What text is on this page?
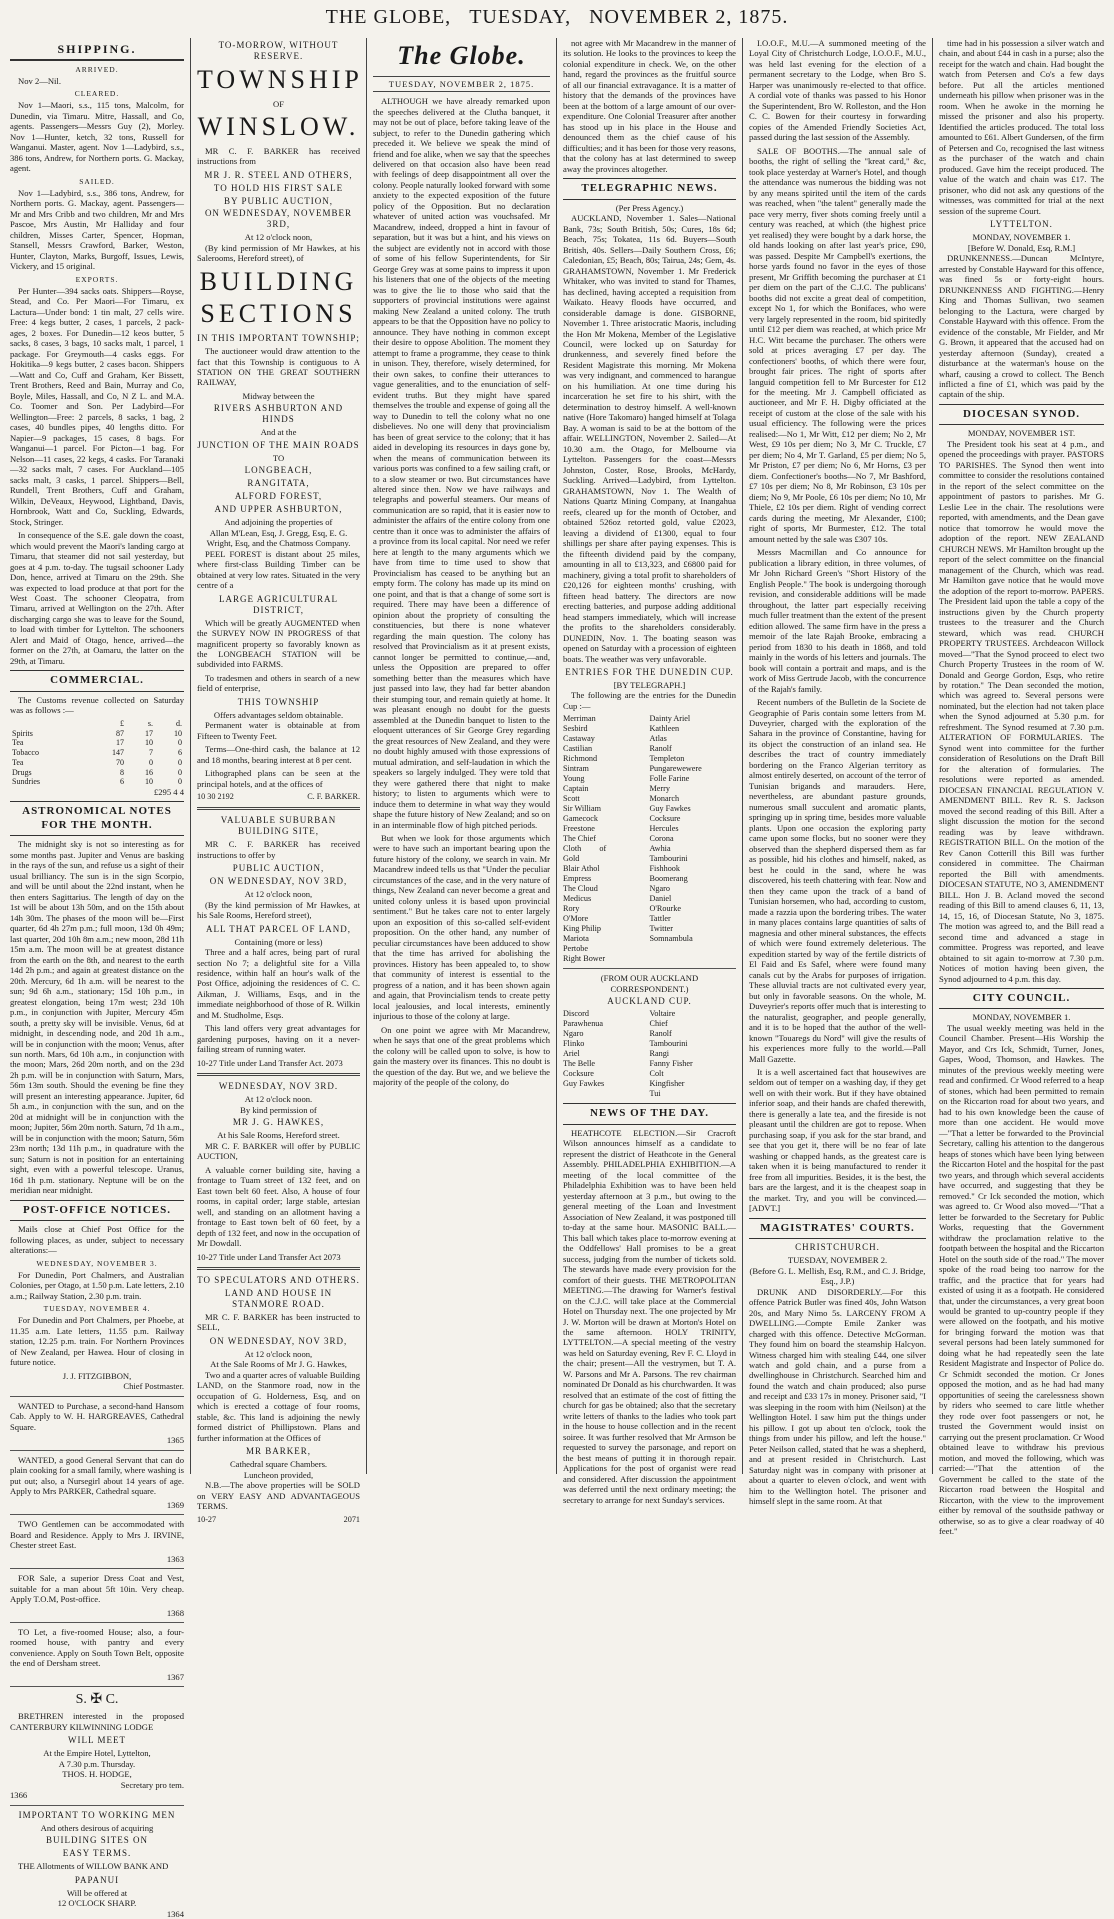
THE GLOBE, TUESDAY, NOVEMBER 2, 1875.
SHIPPING.
ARRIVED.

Nov 2—Nil.

CLEARED.

Nov 1—Maori, s.s., 115 tons, Malcolm, for Dunedin, via Timaru. Mitre, Hassall, and Co, agents. Passengers—Messrs Guy (2), Morley. Nov 1—Hunter, ketch, 32 tons, Russell for Wanganui. Master, agent. Nov 1—Ladybird, s.s., 386 tons, Andrew, for Northern ports. G. Mackay, agent.

SAILED.

Nov 1—Ladybird, s.s., 386 tons, Andrew, for Northern ports. G. Mackay, agent. Passengers—Mr and Mrs Cribb and two children, Mr and Mrs Pascoe, Mrs Austin, Mr Halliday and four children, Misses Carter, Spencer, Hopman, Stansell, Messrs Crawford, Barker, Weston, Hunter, Clayton, Marks, Burgoff, Issues, Lewis, Vickery, and 15 original.

EXPORTS.

Per Hunter—394 sacks oats. Shippers—Royse, Stead, and Co. Per Maori—For Timaru, ex Lactura—Under bond: 1 tin malt, 27 cells wire. Free: 4 kegs butter, 2 cases, 1 parcels, 2 pack-ages, 2 boxes. For Dunedin—12 keos butter, 5 sacks, 8 cases, 3 bags, 10 sacks malt, 1 parcel, 1 package. For Greymouth—4 casks eggs. For Hokitika—9 kegs butter, 2 cases bacon. Shippers—Watt and Co, Cuff and Graham, Ker Bissett, Trent Brothers, Reed and Bain, Murray and Co, Boyle, Miles, Hassall, and Co, N Z L. and M.A. Co. Toomer and Son. Per Ladybird—For Wellington—Free: 2 parcels, 8 sacks, 1 bag, 2 cases, 40 bundles pipes, 40 lengths ditto. For Napier—9 packages, 15 cases, 8 bags. For Wanganui—1 parcel. For Picton—1 bag. For Nelson—11 cases, 22 kegs, 4 casks. For Taranaki—32 sacks malt, 7 cases. For Auckland—105 sacks malt, 3 casks, 1 parcel. Shippers—Bell, Rundell, Trent Brothers, Cuff and Graham, Wilkin, DeVeaux, Heywood, Lightband, Davis, Hornbrook, Watt and Co, Suckling, Edwards, Stock, Stringer.

In consequence of the S.E. gale down the coast, which would prevent the Maori's landing cargo at Timaru, that steamer did not sail yesterday, but goes at 4 p.m. to-day. The tugsail schooner Lady Don, hence, arrived at Timaru on the 29th. She was expected to load produce at that port for the West Coast. The schooner Cleopatra, from Timaru, arrived at Wellington on the 27th. After discharging cargo she was to leave for the Sound, to load with timber for Lyttelton. The schooners Alert and Maid of Otago, hence, arrived—the former on the 27th, at Oamaru, the latter on the 29th, at Timaru.

COMMERCIAL.

The Customs revenue collected on Saturday was as follows :—

	£	s.	d.
Spirits	87	17	10
Tea	17	10	0
Tobacco	147	7	6
Tea	70	0	0
Drugs	8	16	0
Sundries	6	10	0
£295 4 4
ASTRONOMICAL NOTES FOR THE MONTH.

The midnight sky is not so interesting as for some months past. Jupiter and Venus are basking in the rays of the sun, and refuse us a sight of their usual brilliancy. The sun is in the sign Scorpio, and will be until about the 22nd instant, when he then enters Sagittarius. The length of day on the 1st will be about 13h 50m, and on the 15th about 14h 30m. The phases of the moon will be—First quarter, 6d 4h 27m p.m.; full moon, 13d 0h 49m; last quarter, 20d 10h 8m a.m.; new moon, 28d 11h 15m a.m. The moon will be at greatest distance from the earth on the 8th, and nearest to the earth 14d 2h p.m.; and again at greatest distance on the 20th. Mercury, 6d 1h a.m. will be nearest to the sun; 9d 6h a.m., stationary; 15d 10h p.m., in greatest elongation, being 17m west; 23d 10h p.m., in conjunction with Jupiter, Mercury 45m south, a pretty sky will be invisible. Venus, 6d at midnight, in descending node, and 20d 1h a.m., will be in conjunction with the moon; Venus, after sun north. Mars, 6d 10h a.m., in conjunction with the moon; Mars, 26d 20m north, and on the 23d 2h p.m. will be in conjunction with Saturn, Mars, 56m 13m south. Should the evening be fine they will present an interesting appearance. Jupiter, 6d 5h a.m., in conjunction with the sun, and on the 20d at midnight will be in conjunction with the moon; Jupiter, 56m 20m north. Saturn, 7d 1h a.m., will be in conjunction with the moon; Saturn, 56m 23m north; 13d 11h p.m., in quadrature with the sun; Saturn is not in position for an entertaining sight, even with a powerful telescope. Uranus, 16d 1h p.m. stationary. Neptune will be on the meridian near midnight.

POST-OFFICE NOTICES.

Mails close at Chief Post Office for the following places, as under, subject to necessary alterations:—

WEDNESDAY, NOVEMBER 3.

For Dunedin, Port Chalmers, and Australian Colonies, per Otago, at 1.50 p.m. Late letters, 2.10 a.m.; Railway Station, 2.30 p.m. train.

TUESDAY, NOVEMBER 4.

For Dunedin and Port Chalmers, per Phoebe, at 11.35 a.m. Late letters, 11.55 p.m. Railway station, 12.25 p.m. train. For Northern Provinces of New Zealand, per Hawea. Hour of closing in future notice.

J. J. FITZGIBBON,
Chief Postmaster.

WANTED to Purchase, a second-hand Hansom Cab. Apply to W. H. HARGREAVES, Cathedral Square.

1365

WANTED, a good General Servant that can do plain cooking for a small family, where washing is put out; also, a Nursegirl about 14 years of age. Apply to Mrs PARKER, Cathedral square.

1369

TWO Gentlemen can be accommodated with Board and Residence. Apply to Mrs J. IRVINE, Chester street East.

1363

FOR Sale, a superior Dress Coat and Vest, suitable for a man about 5ft 10in. Very cheap. Apply T.O.M, Post-office.

1368

TO Let, a five-roomed House; also, a four-roomed house, with pantry and every convenience. Apply on South Town Belt, opposite the end of Dersham street.

1367
S. ✠ C.

BRETHREN interested in the proposed CANTERBURY KILWINNING LODGE

WILL MEET
At the Empire Hotel, Lyttelton,
A 7.30 p.m. Thursday.
THOS. H. HODGE,
Secretary pro tem.
1366
IMPORTANT TO WORKING MEN
And others desirous of acquiring
BUILDING SITES ON
EASY TERMS.

THE Allotments of WILLOW BANK AND

PAPANUI
Will be offered at
12 O'CLOCK SHARP.
1364
TO-MORROW, WITHOUT RESERVE.
TOWNSHIP
OF
WINSLOW.

MR C. F. BARKER has received instructions from

MR J. R. STEEL AND OTHERS,
TO HOLD HIS FIRST SALE
BY PUBLIC AUCTION,
ON WEDNESDAY, NOVEMBER 3RD,
At 12 o'clock noon,

(By kind permission of Mr Hawkes, at his Salerooms, Hereford street), of

BUILDING
SECTIONS
IN THIS IMPORTANT TOWNSHIP;

The auctioneer would draw attention to the fact that this Township is contiguous to A STATION ON THE GREAT SOUTHERN RAILWAY,

Midway between the
RIVERS ASHBURTON AND HINDS
And at the
JUNCTION OF THE MAIN ROADS
TO
LONGBEACH,
RANGITATA,
ALFORD FOREST,
AND UPPER ASHBURTON,
And adjoining the properties of
Allan M'Lean, Esq, J. Gregg, Esq, E. G. Wright, Esq, and the Chatmoss Company.

PEEL FOREST is distant about 25 miles, where first-class Building Timber can be obtained at very low rates. Situated in the very centre of a

LARGE AGRICULTURAL DISTRICT,

Which will be greatly AUGMENTED when the SURVEY NOW IN PROGRESS of that magnificent property so favorably known as the LONGBEACH STATION will be subdivided into FARMS.

To tradesmen and others in search of a new field of enterprise,

THIS TOWNSHIP
Offers advantages seldom obtainable.

Permanent water is obtainable at from Fifteen to Twenty Feet.

Terms—One-third cash, the balance at 12 and 18 months, bearing interest at 8 per cent.

Lithographed plans can be seen at the principal hotels, and at the offices of

10 30 2192	C. F. BARKER.
VALUABLE SUBURBAN BUILDING SITE,

MR C. F. BARKER has received instructions to offer by

PUBLIC AUCTION,
ON WEDNESDAY, NOV 3RD,
At 12 o'clock noon,

(By the kind permission of Mr Hawkes, at his Sale Rooms, Hereford street),

ALL THAT PARCEL OF LAND,
Containing (more or less)

Three and a half acres, being part of rural section No 7; a delightful site for a Villa residence, within half an hour's walk of the Post Office, adjoining the residences of C. C. Aikman, J. Williams, Esqs, and in the immediate neighborhood of those of R. Wilkin and M. Studholme, Esqs.

This land offers very great advantages for gardening purposes, having on it a never-failing stream of running water.

10-27 Title under Land Transfer Act. 2073
WEDNESDAY, NOV 3RD.
At 12 o'clock noon.
By kind permission of
MR J. G. HAWKES,
At his Sale Rooms, Hereford street.

MR C. F. BARKER will offer by PUBLIC AUCTION,

A valuable corner building site, having a frontage to Tuam street of 132 feet, and on East town belt 60 feet. Also, A house of four rooms, in capital order; large stable, artesian well, and standing on an allotment having a frontage to East town belt of 60 feet, by a depth of 132 feet, and now in the occupation of Mr Dowdall.

10-27 Title under Land Transfer Act 2073
TO SPECULATORS AND OTHERS.
LAND AND HOUSE IN STANMORE ROAD.

MR C. F. BARKER has been instructed to SELL,

ON WEDNESDAY, NOV 3RD,
At 12 o'clock noon,
At the Sale Rooms of Mr J. G. Hawkes,

Two and a quarter acres of valuable Building LAND, on the Stanmore road, now in the occupation of G. Holderness, Esq, and on which is erected a cottage of four rooms, stable, &c. This land is adjoining the newly formed district of Phillipstown. Plans and further information at the Offices of

MR BARKER,
Cathedral square Chambers.
Luncheon provided,

N.B.—The above properties will be SOLD on VERY EASY AND ADVANTAGEOUS TERMS.

10-27	2071
The Globe.
TUESDAY, NOVEMBER 2, 1875.

ALTHOUGH we have already remarked upon the speeches delivered at the Clutha banquet, it may not be out of place, before taking leave of the subject, to refer to the Dunedin gathering which preceded it. We believe we speak the mind of friend and foe alike, when we say that the speeches delivered on that occasion also have been read with feelings of deep disappointment all over the colony. People naturally looked forward with some anxiety to the expected exposition of the future policy of the Opposition. But no declaration whatever of united action was vouchsafed. Mr Macandrew, indeed, dropped a hint in favour of separation, but it was but a hint, and his views on the subject are evidently not in accord with those of some of his fellow Superintendents, for Sir George Grey was at some pains to impress it upon his listeners that one of the objects of the meeting was to give the lie to those who said that the supporters of provincial institutions were against making New Zealand a united colony. The truth appears to be that the Opposition have no policy to announce. They have nothing in common except their desire to oppose Abolition. The moment they attempt to frame a programme, they cease to think in unison. They, therefore, wisely determined, for their own sakes, to confine their utterances to vague generalities, and to the enunciation of self-evident truths. But they might have spared themselves the trouble and expense of going all the way to Dunedin to tell the colony what no one disbelieves. No one will deny that provincialism has been of great service to the colony; that it has aided in developing its resources in days gone by, when the means of communication between its various ports was confined to a few sailing craft, or to a slow steamer or two. But circumstances have altered since then. Now we have railways and telegraphs and powerful steamers. Our means of communication are so rapid, that it is easier now to administer the affairs of the entire colony from one centre than it once was to administer the affairs of a province from its local capital. Nor need we refer here at length to the many arguments which we have from time to time used to show that Provincialism has ceased to be anything but an empty form. The colony has made up its mind on one point, and that is that a change of some sort is required. There may have been a difference of opinion about the propriety of consulting the constituencies, but there is none whatever regarding the main question. The colony has resolved that Provincialism as it at present exists, cannot longer be permitted to continue,—and, unless the Opposition are prepared to offer something better than the measures which have just passed into law, they had far better abandon their stumping tour, and remain quietly at home. It was pleasant enough no doubt for the guests assembled at the Dunedin banquet to listen to the eloquent utterances of Sir George Grey regarding the great resources of New Zealand, and they were no doubt highly amused with those expressions of mutual admiration, and self-laudation in which the speakers so largely indulged. They were told that they were gathered there that night to make history; to listen to arguments which were to induce them to determine in what way they would shape the future history of New Zealand; and so on in an interminable flow of high pitched periods.

But when we look for those arguments which were to have such an important bearing upon the future history of the colony, we search in vain. Mr Macandrew indeed tells us that "Under the peculiar circumstances of the case, and in the very nature of things, New Zealand can never become a great and united colony unless it is based upon provincial sentiment." But he takes care not to enter largely upon an exposition of this so-called self-evident proposition. On the other hand, any number of peculiar circumstances have been adduced to show that the time has arrived for abolishing the provinces. History has been appealed to, to show that community of interest is essential to the progress of a nation, and it has been shown again and again, that Provincialism tends to create petty local jealousies, and local interests, eminently injurious to those of the colony at large.

On one point we agree with Mr Macandrew, when he says that one of the great problems which the colony will be called upon to solve, is how to gain the mastery over its finances. This no doubt is the question of the day. But we, and we believe the majority of the people of the colony, do

not agree with Mr Macandrew in the manner of its solution. He looks to the provinces to keep the colonial expenditure in check. We, on the other hand, regard the provinces as the fruitful source of all our financial extravagance. It is a matter of history that the demands of the provinces have been at the bottom of a large amount of our over-expenditure. One Colonial Treasurer after another has stood up in his place in the House and denounced them as the chief cause of his difficulties; and it has been for those very reasons, that the colony has at last determined to sweep away the provinces altogether.

TELEGRAPHIC NEWS.
(Per Press Agency.)

AUCKLAND, November 1. Sales—National Bank, 73s; South British, 50s; Cures, 18s 6d; Beach, 75s; Tokatea, 11s 6d. Buyers—South British, 40s. Sellers—Daily Southern Cross, £6; Caledonian, £5; Beach, 80s; Tairua, 24s; Gem, 4s. GRAHAMSTOWN, November 1. Mr Frederick Whitaker, who was invited to stand for Thames, has declined, having accepted a requisition from Waikato. Heavy floods have occurred, and considerable damage is done. GISBORNE, November 1. Three aristocratic Maoris, including the Hon Mr Mokena, Member of the Legislative Council, were locked up on Saturday for drunkenness, and severely fined before the Resident Magistrate this morning. Mr Mokena was very indignant, and commenced to harangue on his humiliation. At one time during his incarceration he set fire to his shirt, with the determination to destroy himself. A well-known native (Hore Takomaro) hanged himself at Tolaga Bay. A woman is said to be at the bottom of the affair. WELLINGTON, November 2. Sailed—At 10.30 a.m. the Otago, for Melbourne via Lyttelton. Passengers for the coast—Messrs Johnston, Coster, Rose, Brooks, McHardy, Suckling. Arrived—Ladybird, from Lyttelton. GRAHAMSTOWN, Nov 1. The Wealth of Nations Quartz Mining Company, at Inangahua reefs, cleared up for the month of October, and obtained 526oz retorted gold, value £2023, leaving a dividend of £1300, equal to four shillings per share after paying expenses. This is the fifteenth dividend paid by the company, amounting in all to £13,323, and £6800 paid for machinery, giving a total profit to shareholders of £20,126 for eighteen months' crushing, with fifteen head battery. The directors are now erecting batteries, and purpose adding additional head stampers immediately, which will increase the profits to the shareholders considerably. DUNEDIN, Nov. 1. The boating season was opened on Saturday with a procession of eighteen boats. The weather was very unfavorable.

ENTRIES FOR THE DUNEDIN CUP.
[BY TELEGRAPH.]

The following are the entries for the Dunedin Cup :—

Merriman
Sesbird
Castaway
Castilian
Richmond
Sintram
Young Captain Scott
Sir William
Gamecock
Freestone
The Chief
Cloth of Gold
Blair Athol
Empress
The Cloud
Medicus
Rory O'More
King Philip
Mariota
Pertobe
Right Bower
Dainty Ariel
Kathleen
Atlas
Ranolf
Templeton
Pungarewewere
Folle Farine
Merry Monarch
Guy Fawkes
Cocksure
Hercules
Corona
Awhia
Tambourini
Fishhook
Boomerang
Ngaro
Daniel O'Rourke
Tattler
Twitter
Somnambula
(FROM OUR AUCKLAND CORRESPONDENT.)
AUCKLAND CUP.
Discord
Parawhenua
Ngaro
Flinko
Ariel
The Belle
Cocksure
Guy Fawkes
Voltaire
Chief
Ranolf
Tambourini
Rangi
Fanny Fisher Colt
Kingfisher
Tui
NEWS OF THE DAY.

HEATHCOTE ELECTION.—Sir Cracroft Wilson announces himself as a candidate to represent the district of Heathcote in the General Assembly. PHILADELPHIA EXHIBITION.—A meeting of the local committee of the Philadelphia Exhibition was to have been held yesterday afternoon at 3 p.m., but owing to the general meeting of the Loan and Investment Association of New Zealand, it was postponed till to-day at the same hour. MASONIC BALL.—This ball which takes place to-morrow evening at the Oddfellows' Hall promises to be a great success, judging from the number of tickets sold. The stewards have made every provision for the comfort of their guests. THE METROPOLITAN MEETING.—The drawing for Warner's festival on the C.J.C. will take place at the Commercial Hotel on Thursday next. The one projected by Mr J. W. Morton will be drawn at Morton's Hotel on the same afternoon. HOLY TRINITY, LYTTELTON.—A special meeting of the vestry was held on Saturday evening, Rev F. C. Lloyd in the chair; present—All the vestrymen, but T. A. W. Parsons and Mr A. Parsons. The rev chairman nominated Dr Donald as his churchwarden. It was resolved that an estimate of the cost of fitting the church for gas be obtained; also that the secretary write letters of thanks to the ladies who took part in the house to house collection and in the recent soiree. It was further resolved that Mr Armson be requested to survey the parsonage, and report on the best means of putting it in thorough repair. Applications for the post of organist were read and considered. After discussion the appointment was deferred until the next ordinary meeting; the secretary to arrange for next Sunday's services.

I.O.O.F., M.U.—A summoned meeting of the Loyal City of Christchurch Lodge, I.O.O.F., M.U., was held last evening for the election of a permanent secretary to the Lodge, when Bro S. Harper was unanimously re-elected to that office. A cordial vote of thanks was passed to his Honor the Superintendent, Bro W. Rolleston, and the Hon C. C. Bowen for their courtesy in forwarding copies of the Amended Friendly Societies Act, passed during the last session of the Assembly.

SALE OF BOOTHS.—The annual sale of booths, the right of selling the "kreat card," &c, took place yesterday at Warner's Hotel, and though the attendance was numerous the bidding was not by any means spirited until the item of the cards was reached, when "the talent" generally made the pace very merry, fiver shots coming freely until a century was reached, at which (the highest price yet realised) they were bought by a dark horse, the old hands looking on after last year's price, £90, was passed. Despite Mr Campbell's exertions, the horse yards found no favor in the eyes of those present, Mr Griffith becoming the purchaser at £1 per diem on the part of the C.J.C. The publicans' booths did not excite a great deal of competition, except No 1, for which the Bonifaces, who were very largely represented in the room, bid spiritedly until £12 per diem was reached, at which price Mr H.C. Witt became the purchaser. The others were sold at prices averaging £7 per day. The confectioners' booths, of which there were four, brought fair prices. The right of sports after languid competition fell to Mr Burcester for £12 for the meeting. Mr J. Campbell officiated as auctioneer, and Mr F. H. Digby officiated at the receipt of custom at the close of the sale with his usual efficiency. The following were the prices realised:—No 1, Mr Witt, £12 per diem; No 2, Mr West, £9 10s per diem; No 3, Mr C. Truckle, £7 per diem; No 4, Mr T. Garland, £5 per diem; No 5, Mr Priston, £7 per diem; No 6, Mr Horns, £3 per diem. Confectioner's booths—No 7, Mr Bashford, £7 10s per diem; No 8, Mr Robinson, £3 10s per diem; No 9, Mr Poole, £6 10s per diem; No 10, Mr Thiele, £2 10s per diem. Right of vending correct cards during the meeting, Mr Alexander, £100; right of sports, Mr Burmester, £12. The total amount netted by the sale was £307 10s.

Messrs Macmillan and Co announce for publication a library edition, in three volumes, of Mr John Richard Green's "Short History of the English People." The book is undergoing thorough revision, and considerable additions will be made throughout, the latter part especially receiving much fuller treatment than the extent of the present edition allowed. The same firm have in the press a memoir of the late Rajah Brooke, embracing a period from 1830 to his death in 1868, and told mainly in the words of his letters and journals. The book will contain a portrait and maps, and is the work of Miss Gertrude Jacob, with the concurrence of the Rajah's family.

Recent numbers of the Bulletin de la Societe de Geographie of Paris contain some letters from M. Duveyrier, charged with the exploration of the Sahara in the province of Constantine, having for its object the construction of an inland sea. He describes the tract of country immediately bordering on the Franco Algerian territory as almost entirely deserted, on account of the terror of Tunisian brigands and marauders. Here, nevertheless, are abundant pasture grounds, numerous small succulent and aromatic plants, springing up in spring time, besides more valuable plants. Upon one occasion the exploring party came upon some flocks, but no sooner were they observed than the shepherd dispersed them as far as possible, hid his clothes and himself, naked, as best he could in the sand, where he was discovered, his teeth chattering with fear. Now and then they came upon the track of a band of Tunisian horsemen, who had, according to custom, made a razzia upon the bordering tribes. The water in many places contains large quantities of salts of magnesia and other mineral substances, the effects of which were found extremely deleterious. The expedition started by way of the fertile districts of El Faid and Es Safel, where were found many canals cut by the Arabs for purposes of irrigation. These alluvial tracts are not cultivated every year, but only in favorable seasons. On the whole, M. Duveyrier's reports offer much that is interesting to the naturalist, geographer, and people generally, and it is to be hoped that the author of the well-known "Touaregs du Nord" will give the results of his experiences more fully to the world.—Pall Mall Gazette.

It is a well ascertained fact that housewives are seldom out of temper on a washing day, if they get well on with their work. But if they have obtained inferior soap, and their hands are chafed therewith, there is generally a late tea, and the fireside is not pleasant until the children are got to repose. When purchasing soap, if you ask for the star brand, and see that you get it, there will be no fear of late washing or chapped hands, as the greatest care is taken when it is being manufactured to render it free from all impurities. Besides, it is the best, the bars are the largest, and it is the cheapest soap in the market. Try, and you will be convinced.—[ADVT.]

MAGISTRATES' COURTS.
CHRISTCHURCH.
TUESDAY, NOVEMBER 2.
(Before G. L. Mellish, Esq, R.M., and C. J. Bridge, Esq., J.P.)

DRUNK AND DISORDERLY.—For this offence Patrick Butler was fined 40s, John Watson 20s, and Mary Nimo 5s. LARCENY FROM A DWELLING.—Compte Emile Zanker was charged with this offence. Detective McGorman. They found him on board the steamship Halcyon. Witness charged him with stealing £44, one silver watch and gold chain, and a purse from a dwellinghouse in Christchurch. Searched him and found the watch and chain produced; also purse and receipt and £33 17s in money. Prisoner said, "I was sleeping in the room with him (Neilson) at the Wellington Hotel. I saw him put the things under his pillow. I got up about ten o'clock, took the things from under his pillow, and left the house." Peter Neilson called, stated that he was a shepherd, and at present resided in Christchurch. Last Saturday night was in company with prisoner at about a quarter to eleven o'clock, and went with him to the Wellington hotel. The prisoner and himself slept in the same room. At that

time had in his possession a silver watch and chain, and about £44 in cash in a purse; also the receipt for the watch and chain. Had bought the watch from Petersen and Co's a few days before. Put all the articles mentioned underneath his pillow when prisoner was in the room. When he awoke in the morning he missed the prisoner and also his property. Identified the articles produced. The total loss amounted to £61. Albert Gundersen, of the firm of Petersen and Co, recognised the last witness as the purchaser of the watch and chain produced. Gave him the receipt produced. The value of the watch and chain was £17. The prisoner, who did not ask any questions of the witnesses, was committed for trial at the next session of the supreme Court.

LYTTELTON.
MONDAY, NOVEMBER 1.
[Before W. Donald, Esq, R.M.]

DRUNKENNESS.—Duncan McIntyre, arrested by Constable Hayward for this offence, was fined 5s or forty-eight hours. DRUNKENNESS AND FIGHTING.—Henry King and Thomas Sullivan, two seamen belonging to the Lactura, were charged by Constable Hayward with this offence. From the evidence of the constable, Mr Fielder, and Mr G. Brown, it appeared that the accused had on yesterday afternoon (Sunday), created a disturbance at the waterman's house on the wharf, causing a crowd to collect. The Bench inflicted a fine of £1, which was paid by the captain of the ship.

DIOCESAN SYNOD.
MONDAY, NOVEMBER 1ST.

The President took his seat at 4 p.m., and opened the proceedings with prayer. PASTORS TO PARISHES. The Synod then went into committee to consider the resolutions contained in the report of the select committee on the appointment of pastors to parishes. Mr G. Leslie Lee in the chair. The resolutions were reported, with amendments, and the Dean gave notice that tomorrow he would move the adoption of the report. NEW ZEALAND CHURCH NEWS. Mr Hamilton brought up the report of the select committee on the financial management of the Church, which was read. Mr Hamilton gave notice that he would move the adoption of the report to-morrow. PAPERS. The President laid upon the table a copy of the instructions given by the Church property trustees to the treasurer and the Church steward, which was read. CHURCH PROPERTY TRUSTEES. Archdeacon Willock moved—"That the Synod proceed to elect two Church Property Trustees in the room of W. Donald and George Gordon, Esqs, who retire by rotation." The Dean seconded the motion, which was agreed to. Several persons were nominated, but the election had not taken place when the Synod adjourned at 5.30 p.m. for refreshment. The Synod resumed at 7.30 p.m. ALTERATION OF FORMULARIES. The Synod went into committee for the further consideration of Resolutions on the Draft Bill for the alteration of formularies. The resolutions were reported as amended. DIOCESAN FINANCIAL REGULATION V. AMENDMENT BILL. Rev R. S. Jackson moved the second reading of this Bill. After a slight discussion the motion for the second reading was by leave withdrawn. REGISTRATION BILL. On the motion of the Rev Canon Cotterill this Bill was further considered in committee. The Chairman reported the Bill with amendments. DIOCESAN STATUTE, NO 3, AMENDMENT BILL. Hon J. B. Acland moved the second reading of this Bill to amend clauses 6, 11, 13, 14, 15, 16, of Diocesan Statute, No 3, 1875. The motion was agreed to, and the Bill read a second time and advanced a stage in committee. Progress was reported, and leave obtained to sit again to-morrow at 7.30 p.m. Notices of motion having been given, the Synod adjourned to 4 p.m. this day.

CITY COUNCIL.
MONDAY, NOVEMBER 1.

The usual weekly meeting was held in the Council Chamber. Present—His Worship the Mayor, and Crs Ick, Schmidt, Turner, Jones, Gapes, Wood, Thomson, and Hawkes. The minutes of the previous weekly meeting were read and confirmed. Cr Wood referred to a heap of stones, which had been permitted to remain on the Riccarton road for about two years, and had to his own knowledge been the cause of more than one accident. He would move—"That a letter be forwarded to the Provincial Secretary, calling his attention to the dangerous heaps of stones which have been lying between the Riccarton Hotel and the hospital for the past two years, and through which several accidents have occurred, and suggesting that they be removed." Cr Ick seconded the motion, which was agreed to. Cr Wood also moved—"That a letter be forwarded to the Secretary for Public Works, requesting that the Government withdraw the proclamation relative to the footpath between the hospital and the Riccarton Hotel on the south side of the road." The mover spoke of the road being too narrow for the traffic, and the practice that for years had existed of using it as a footpath. He considered that, under the circumstances, a very great boon would be granted to up-country people if they were allowed on the footpath, and his motive for bringing forward the motion was that several persons had been lately summoned for doing what he had repeatedly seen the late Resident Magistrate and Inspector of Police do. Cr Schmidt seconded the motion. Cr Jones opposed the motion, and as he had had many opportunities of seeing the carelessness shown by riders who seemed to care little whether they rode over foot passengers or not, he trusted the Government would insist on carrying out the present proclamation. Cr Wood obtained leave to withdraw his previous motion, and moved the following, which was carried:—"That the attention of the Government be called to the state of the Riccarton road between the Hospital and Riccarton, with the view to the improvement either by removal of the southside pathway or otherwise, so as to give a clear roadway of 40 feet."
